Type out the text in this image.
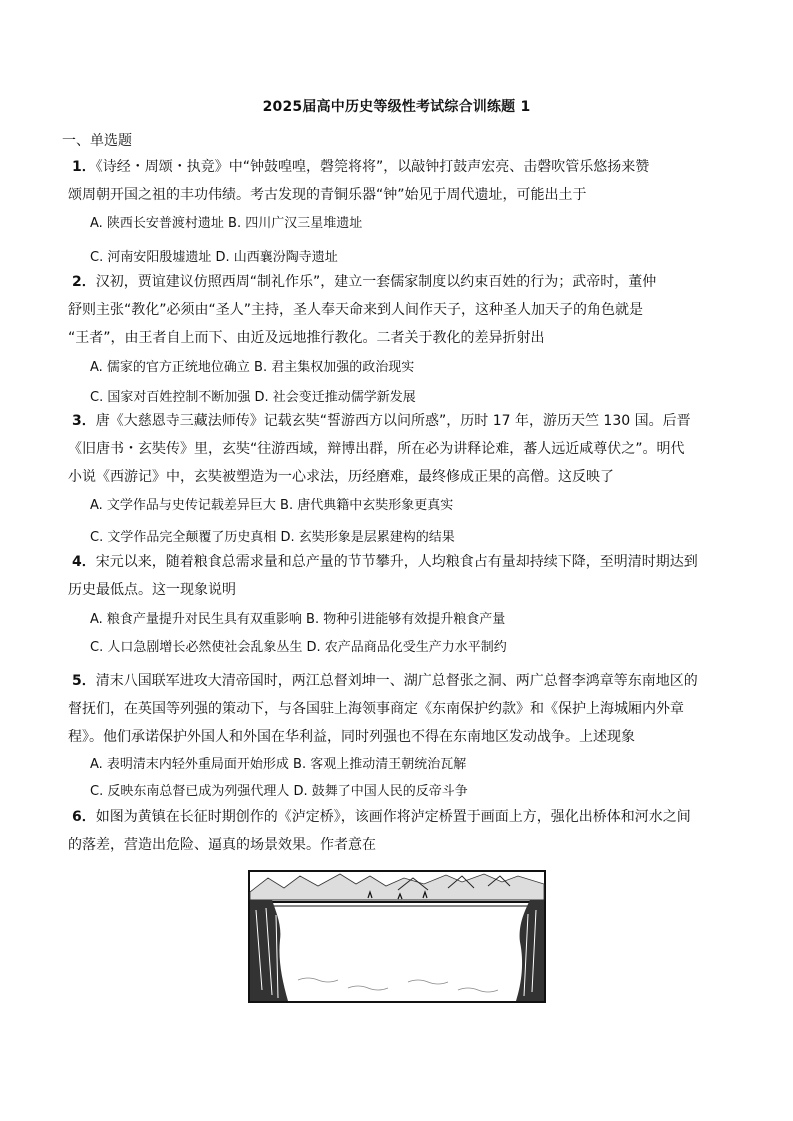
2025届高中历史等级性考试综合训练题 1
一、单选题
1．《诗经・周颂・执竞》中“钟鼓喤喤，磬筦将将”，以敲钟打鼓声宏亮、击磬吹管乐悠扬来赞
颂周朝开国之祖的丰功伟绩。考古发现的青铜乐器“钟”始见于周代遗址，可能出土于
A. 陕西长安普渡村遗址 B. 四川广汉三星堆遗址
C. 河南安阳殷墟遗址 D. 山西襄汾陶寺遗址
2．汉初，贾谊建议仿照西周“制礼作乐”，建立一套儒家制度以约束百姓的行为；武帝时，董仲
舒则主张“教化”必须由“圣人”主持，圣人奉天命来到人间作天子，这种圣人加天子的角色就是
“王者”，由王者自上而下、由近及远地推行教化。二者关于教化的差异折射出
A. 儒家的官方正统地位确立 B. 君主集权加强的政治现实
C. 国家对百姓控制不断加强 D. 社会变迁推动儒学新发展
3．唐《大慈恩寺三藏法师传》记载玄奘“誓游西方以问所惑”，历时 17 年，游历天竺 130 国。后晋
《旧唐书・玄奘传》里，玄奘“往游西域，辩博出群，所在必为讲释论难，蕃人远近咸尊伏之”。明代
小说《西游记》中，玄奘被塑造为一心求法，历经磨难，最终修成正果的高僧。这反映了
A. 文学作品与史传记载差异巨大 B. 唐代典籍中玄奘形象更真实
C. 文学作品完全颠覆了历史真相 D. 玄奘形象是层累建构的结果
4．宋元以来，随着粮食总需求量和总产量的节节攀升，人均粮食占有量却持续下降，至明清时期达到
历史最低点。这一现象说明
A. 粮食产量提升对民生具有双重影响 B. 物种引进能够有效提升粮食产量
C. 人口急剧增长必然使社会乱象丛生 D. 农产品商品化受生产力水平制约
5．清末八国联军进攻大清帝国时，两江总督刘坤一、湖广总督张之洞、两广总督李鸿章等东南地区的
督抚们，在英国等列强的策动下，与各国驻上海领事商定《东南保护约款》和《保护上海城厢内外章
程》。他们承诺保护外国人和外国在华利益，同时列强也不得在东南地区发动战争。上述现象
A. 表明清末内轻外重局面开始形成 B. 客观上推动清王朝统治瓦解
C. 反映东南总督已成为列强代理人 D. 鼓舞了中国人民的反帝斗争
6．如图为黄镇在长征时期创作的《泸定桥》，该画作将泸定桥置于画面上方，强化出桥体和河水之间
的落差，营造出危险、逼真的场景效果。作者意在
